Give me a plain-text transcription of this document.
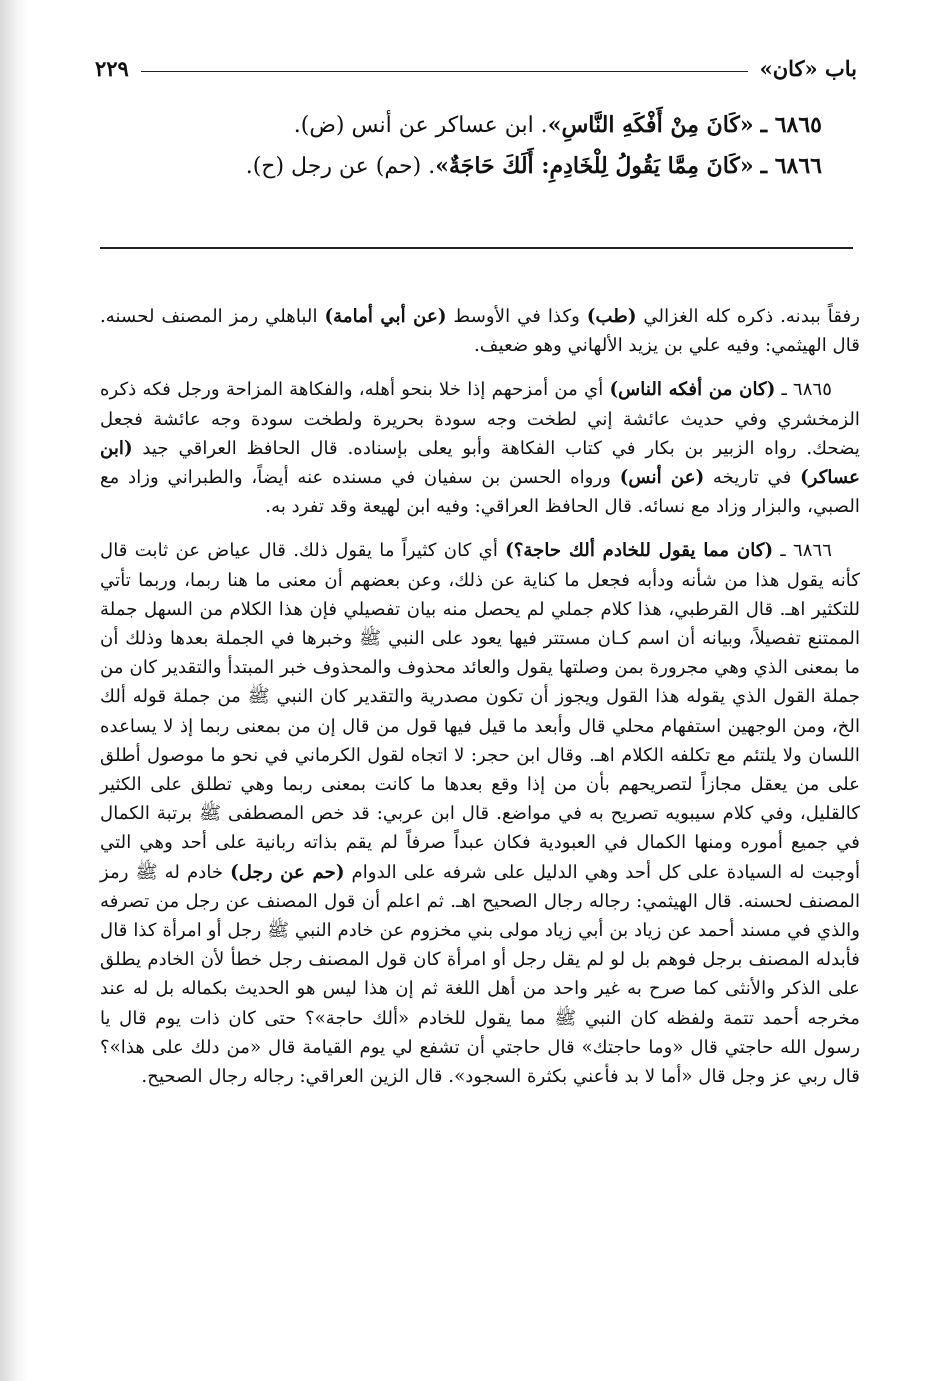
باب «كان»
٢٢٩
٦٨٦٥ ـ «كَانَ مِنْ أَفْكَهِ النَّاسِ». ابن عساكر عن أنس (ض).
٦٨٦٦ ـ «كَانَ مِمَّا يَقُولُ لِلْخَادِمِ: أَلَكَ حَاجَةٌ». (حم) عن رجل (ح).

رفقاً ببدنه. ذكره كله الغزالي (طب) وكذا في الأوسط (عن أبي أمامة) الباهلي رمز المصنف لحسنه. قال الهيثمي: وفيه علي بن يزيد الألهاني وهو ضعيف.

٦٨٦٥ ـ (كان من أفكه الناس) أي من أمزحهم إذا خلا بنحو أهله، والفكاهة المزاحة ورجل فكه ذكره الزمخشري وفي حديث عائشة إني لطخت وجه سودة بحريرة ولطخت سودة وجه عائشة فجعل يضحك. رواه الزبير بن بكار في كتاب الفكاهة وأبو يعلى بإسناده. قال الحافظ العراقي جيد (ابن عساكر) في تاريخه (عن أنس) ورواه الحسن بن سفيان في مسنده عنه أيضاً، والطبراني وزاد مع الصبي، والبزار وزاد مع نسائه. قال الحافظ العراقي: وفيه ابن لهيعة وقد تفرد به.

٦٨٦٦ ـ (كان مما يقول للخادم ألك حاجة؟) أي كان كثيراً ما يقول ذلك. قال عياض عن ثابت قال كأنه يقول هذا من شأنه ودأبه فجعل ما كناية عن ذلك، وعن بعضهم أن معنى ما هنا ربما، وربما تأتي للتكثير اهـ. قال القرطبي، هذا كلام جملي لم يحصل منه بيان تفصيلي فإن هذا الكلام من السهل جملة الممتنع تفصيلاً، وبيانه أن اسم كـان مستتر فيها يعود على النبي ﷺ وخبرها في الجملة بعدها وذلك أن ما بمعنى الذي وهي مجرورة بمن وصلتها يقول والعائد محذوف والمحذوف خبر المبتدأ والتقدير كان من جملة القول الذي يقوله هذا القول ويجوز أن تكون مصدرية والتقدير كان النبي ﷺ من جملة قوله ألك الخ، ومن الوجهين استفهام محلي قال وأبعد ما قيل فيها قول من قال إن من بمعنى ربما إذ لا يساعده اللسان ولا يلتئم مع تكلفه الكلام اهـ. وقال ابن حجر: لا اتجاه لقول الكرماني في نحو ما موصول أطلق على من يعقل مجازاً لتصريحهم بأن من إذا وقع بعدها ما كانت بمعنى ربما وهي تطلق على الكثير كالقليل، وفي كلام سيبويه تصريح به في مواضع. قال ابن عربي: قد خص المصطفى ﷺ برتبة الكمال في جميع أموره ومنها الكمال في العبودية فكان عبداً صرفاً لم يقم بذاته ربانية على أحد وهي التي أوجبت له السيادة على كل أحد وهي الدليل على شرفه على الدوام (حم عن رجل) خادم له ﷺ رمز المصنف لحسنه. قال الهيثمي: رجاله رجال الصحيح اهـ. ثم اعلم أن قول المصنف عن رجل من تصرفه والذي في مسند أحمد عن زياد بن أبي زياد مولى بني مخزوم عن خادم النبي ﷺ رجل أو امرأة كذا قال فأبدله المصنف برجل فوهم بل لو لم يقل رجل أو امرأة كان قول المصنف رجل خطأ لأن الخادم يطلق على الذكر والأنثى كما صرح به غير واحد من أهل اللغة ثم إن هذا ليس هو الحديث بكماله بل له عند مخرجه أحمد تتمة ولفظه كان النبي ﷺ مما يقول للخادم «ألك حاجة»؟ حتى كان ذات يوم قال يا رسول الله حاجتي قال «وما حاجتك» قال حاجتي أن تشفع لي يوم القيامة قال «من دلك على هذا»؟ قال ربي عز وجل قال «أما لا بد فأعني بكثرة السجود». قال الزين العراقي: رجاله رجال الصحيح.
